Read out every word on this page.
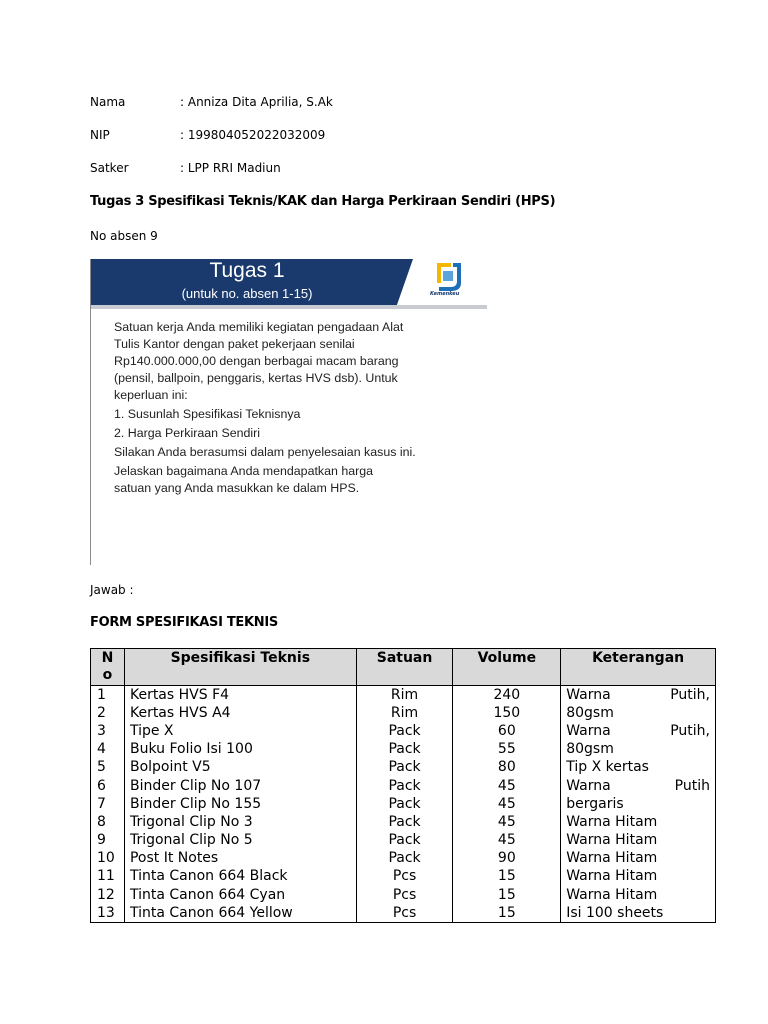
Nama	: Anniza Dita Aprilia, S.Ak
NIP	: 199804052022032009
Satker	: LPP RRI Madiun
Tugas 3 Spesifikasi Teknis/KAK dan Harga Perkiraan Sendiri (HPS)
No absen 9
Tugas 1
(untuk no. absen 1-15)	Kemenkeu
Satuan kerja Anda memiliki kegiatan pengadaan Alat
Tulis Kantor dengan paket pekerjaan senilai
Rp140.000.000,00 dengan berbagai macam barang
(pensil, ballpoin, penggaris, kertas HVS dsb). Untuk
keperluan ini:
1. Susunlah Spesifikasi Teknisnya
2. Harga Perkiraan Sendiri
Silakan Anda berasumsi dalam penyelesaian kasus ini.
Jelaskan bagaimana Anda mendapatkan harga
satuan yang Anda masukkan ke dalam HPS.
Jawab :
FORM SPESIFIKASI TEKNIS
N
o	Spesifikasi Teknis	Satuan	Volume	Keterangan
1	Kertas HVS F4	Rim	240	Warna Putih,
2	Kertas HVS A4	Rim	150	80gsm
3	Tipe X	Pack	60	Warna Putih,
4	Buku Folio Isi 100	Pack	55	80gsm
5	Bolpoint V5	Pack	80	Tip X kertas
6	Binder Clip No 107	Pack	45	Warna Putih
7	Binder Clip No 155	Pack	45	bergaris
8	Trigonal Clip No 3	Pack	45	Warna Hitam
9	Trigonal Clip No 5	Pack	45	Warna Hitam
10	Post It Notes	Pack	90	Warna Hitam
11	Tinta Canon 664 Black	Pcs	15	Warna Hitam
12	Tinta Canon 664 Cyan	Pcs	15	Warna Hitam
13	Tinta Canon 664 Yellow	Pcs	15	Isi 100 sheets
